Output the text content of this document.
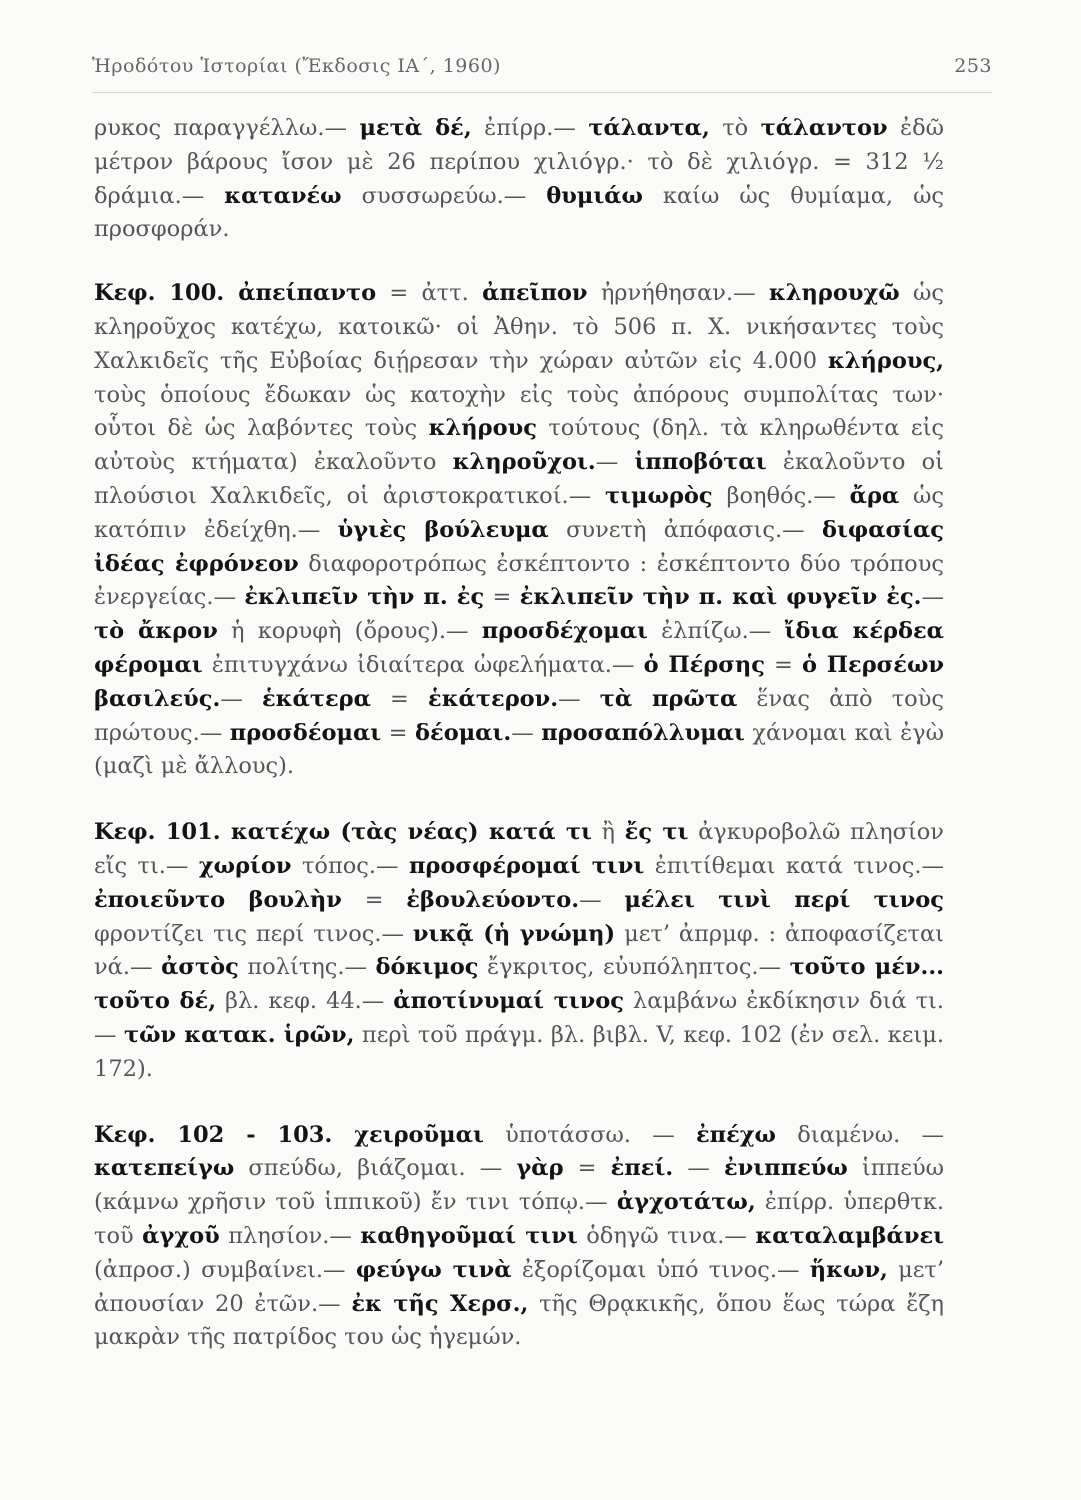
Ἡροδότου Ἱστορίαι (Ἔκδοσις ΙΑ΄, 1960)	253

ρυκος παραγγέλλω.— μετὰ δέ, ἐπίρρ.— τάλαντα, τὸ τάλαντον ἐδῶ μέτρον βάρους ἴσον μὲ 26 περίπου χιλιόγρ.· τὸ δὲ χιλιόγρ. = 312 ½ δράμια.— κατανέω συσσωρεύω.— θυμιάω καίω ὡς θυμίαμα, ὡς προσφοράν.

Κεφ. 100. ἀπείπαντο = ἀττ. ἀπεῖπον ἠρνήθησαν.— κληρουχῶ ὡς κληροῦχος κατέχω, κατοικῶ· οἱ Ἀθην. τὸ 506 π. Χ. νικήσαντες τοὺς Χαλκιδεῖς τῆς Εὐβοίας διῄρεσαν τὴν χώραν αὐτῶν εἰς 4.000 κλήρους, τοὺς ὁποίους ἔδωκαν ὡς κατοχὴν εἰς τοὺς ἀπόρους συμπολίτας των· οὗτοι δὲ ὡς λαβόντες τοὺς κλήρους τούτους (δηλ. τὰ κληρωθέντα εἰς αὐτοὺς κτήματα) ἐκαλοῦντο κληροῦχοι.— ἱπποβόται ἐκαλοῦντο οἱ πλούσιοι Χαλκιδεῖς, οἱ ἀριστοκρατικοί.— τιμωρὸς βοηθός.— ἄρα ὡς κατόπιν ἐδείχθη.— ὑγιὲς βούλευμα συνετὴ ἀπόφασις.— διφασίας ἰδέας ἐφρόνεον διαφοροτρόπως ἐσκέπτοντο : ἐσκέπτοντο δύο τρόπους ἐνεργείας.— ἐκλιπεῖν τὴν π. ἐς = ἐκλιπεῖν τὴν π. καὶ φυγεῖν ἐς.— τὸ ἄκρον ἡ κορυφὴ (ὄρους).— προσδέχομαι ἐλπίζω.— ἴδια κέρδεα φέρομαι ἐπιτυγχάνω ἰδιαίτερα ὠφελήματα.— ὁ Πέρσης = ὁ Περσέων βασιλεύς.— ἑκάτερα = ἑκάτερον.— τὰ πρῶτα ἕνας ἀπὸ τοὺς πρώτους.— προσδέομαι = δέομαι.— προσαπόλλυμαι χάνομαι καὶ ἐγὼ (μαζὶ μὲ ἄλλους).

Κεφ. 101. κατέχω (τὰς νέας) κατά τι ἢ ἔς τι ἀγκυροβολῶ πλησίον εἴς τι.— χωρίον τόπος.— προσφέρομαί τινι ἐπιτίθεμαι κατά τινος.— ἐποιεῦντο βουλὴν = ἐβουλεύοντο.— μέλει τινὶ περί τινος φροντίζει τις περί τινος.— νικᾷ (ἡ γνώμη) μετ’ ἀπρμφ. : ἀποφασίζεται νά.— ἀστὸς πολίτης.— δόκιμος ἔγκριτος, εὐυπόληπτος.— τοῦτο μέν... τοῦτο δέ, βλ. κεφ. 44.— ἀποτίνυμαί τινος λαμβάνω ἐκδίκησιν διά τι.— τῶν κατακ. ἱρῶν, περὶ τοῦ πράγμ. βλ. βιβλ. V, κεφ. 102 (ἐν σελ. κειμ. 172).

Κεφ. 102 - 103. χειροῦμαι ὑποτάσσω. — ἐπέχω διαμένω. — κατεπείγω σπεύδω, βιάζομαι. — γὰρ = ἐπεί. — ἐνιππεύω ἱππεύω (κάμνω χρῆσιν τοῦ ἱππικοῦ) ἔν τινι τόπῳ.— ἀγχοτάτω, ἐπίρρ. ὑπερθτκ. τοῦ ἀγχοῦ πλησίον.— καθηγοῦμαί τινι ὁδηγῶ τινα.— καταλαμβάνει (ἀπροσ.) συμβαίνει.— φεύγω τινὰ ἐξορίζομαι ὑπό τινος.— ἥκων, μετ’ ἀπουσίαν 20 ἐτῶν.— ἐκ τῆς Χερσ., τῆς Θρᾳκικῆς, ὅπου ἕως τώρα ἔζη μακρὰν τῆς πατρίδος του ὡς ἡγεμών.
